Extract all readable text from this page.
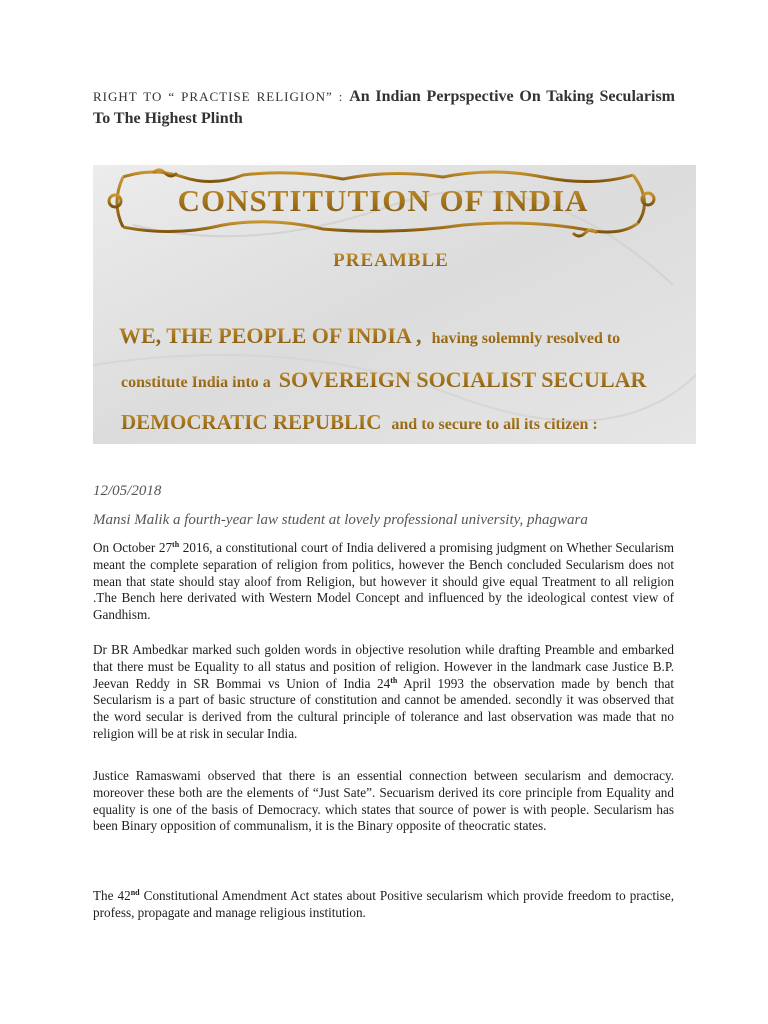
RIGHT TO “ PRACTISE RELIGION” : An Indian Perpspective On Taking Secularism To The Highest Plinth
CONSTITUTION OF INDIA
PREAMBLE
WE, THE PEOPLE OF INDIA , having solemnly resolved to
constitute India into a SOVEREIGN SOCIALIST SECULAR
DEMOCRATIC REPUBLIC and to secure to all its citizen :
12/05/2018
Mansi Malik a fourth-year law student at lovely professional university, phagwara

On October 27th 2016, a constitutional court of India delivered a promising judgment on Whether Secularism meant the complete separation of religion from politics, however the Bench concluded Secularism does not mean that state should stay aloof from Religion, but however it should give equal Treatment to all religion .The Bench here derivated with Western Model Concept and influenced by the ideological contest view of Gandhism.

Dr BR Ambedkar marked such golden words in objective resolution while drafting Preamble and embarked that there must be Equality to all status and position of religion. However in the landmark case Justice B.P. Jeevan Reddy in SR Bommai vs Union of India 24th April 1993 the observation made by bench that Secularism is a part of basic structure of constitution and cannot be amended. secondly it was observed that the word secular is derived from the cultural principle of tolerance and last observation was made that no religion will be at risk in secular India.

Justice Ramaswami observed that there is an essential connection between secularism and democracy. moreover these both are the elements of “Just Sate”. Secuarism derived its core principle from Equality and equality is one of the basis of Democracy. which states that source of power is with people. Secularism has been Binary opposition of communalism, it is the Binary opposite of theocratic states.

The 42nd Constitutional Amendment Act states about Positive secularism which provide freedom to practise, profess, propagate and manage religious institution.
